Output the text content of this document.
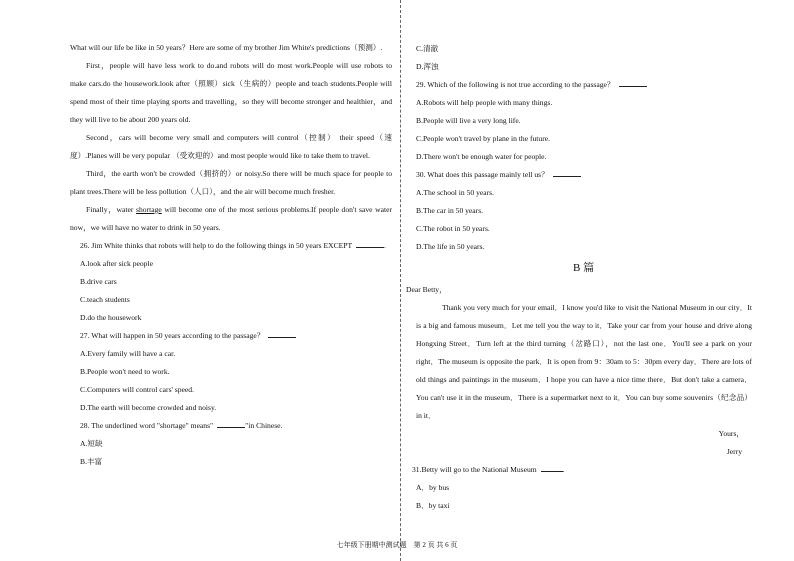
What will our life be like in 50 years？Here are some of my brother Jim White's predictions（预测）.

First，people will have less work to do.and robots will do most work.People will use robots to make cars.do the housework.look after（照顾）sick（生病的）people and teach students.People will spend most of their time playing sports and travelling，so they will become stronger and healthier，and they will live to be about 200 years old.

Second，cars will become very small and computers will control（控制） their speed（速度）.Planes will be very popular （受欢迎的）and most people would like to take them to travel.

Third，the earth won't be crowded（拥挤的）or noisy.So there will be much space for people to plant trees.There will be less pollution（人口），and the air will become much fresher.

Finally，water shortage will become one of the most serious problems.If people don't save water now，we will have no water to drink in 50 years.

26. Jim White thinks that robots will help to do the following things in 50 years EXCEPT	.

A.look after sick people

B.drive cars

C.teach students

D.do the housework

27. What will happen in 50 years according to the passage？

A.Every family will have a car.

B.People won't need to work.

C.Computers will control cars' speed.

D.The earth will become crowded and noisy.

28. The underlined word "shortage" means"	"in Chinese.

A.短缺

B.丰富

C.清澈

D.浑浊

29. Which of the following is not true according to the passage？

A.Robots will help people with many things.

B.People will live a very long life.

C.People won't travel by plane in the future.

D.There won't be enough water for people.

30. What does this passage mainly tell us？

A.The school in 50 years.

B.The car in 50 years.

C.The robot in 50 years.

D.The life in 50 years.

B 篇

Dear Betty，

Thank you very much for your email．I know you'd like to visit the National Museum in our city．It is a big and famous museum．Let me tell you the way to it．Take your car from your house and drive along Hongxing Street．Turn left at the third turning（岔路口），not the last one．You'll see a park on your right．The museum is opposite the park．It is open from 9：30am to 5：30pm every day．There are lots of old things and paintings in the museum．I hope you can have a nice time there．But don't take a camera．You can't use it in the museum．There is a supermarket next to it．You can buy some souvenirs（纪念品） in it．

Yours，

Jerry

31.Betty will go to the National Museum	.

A．by bus

B．by taxi

七年级下册期中测试题　第 2 页 共 6 页
